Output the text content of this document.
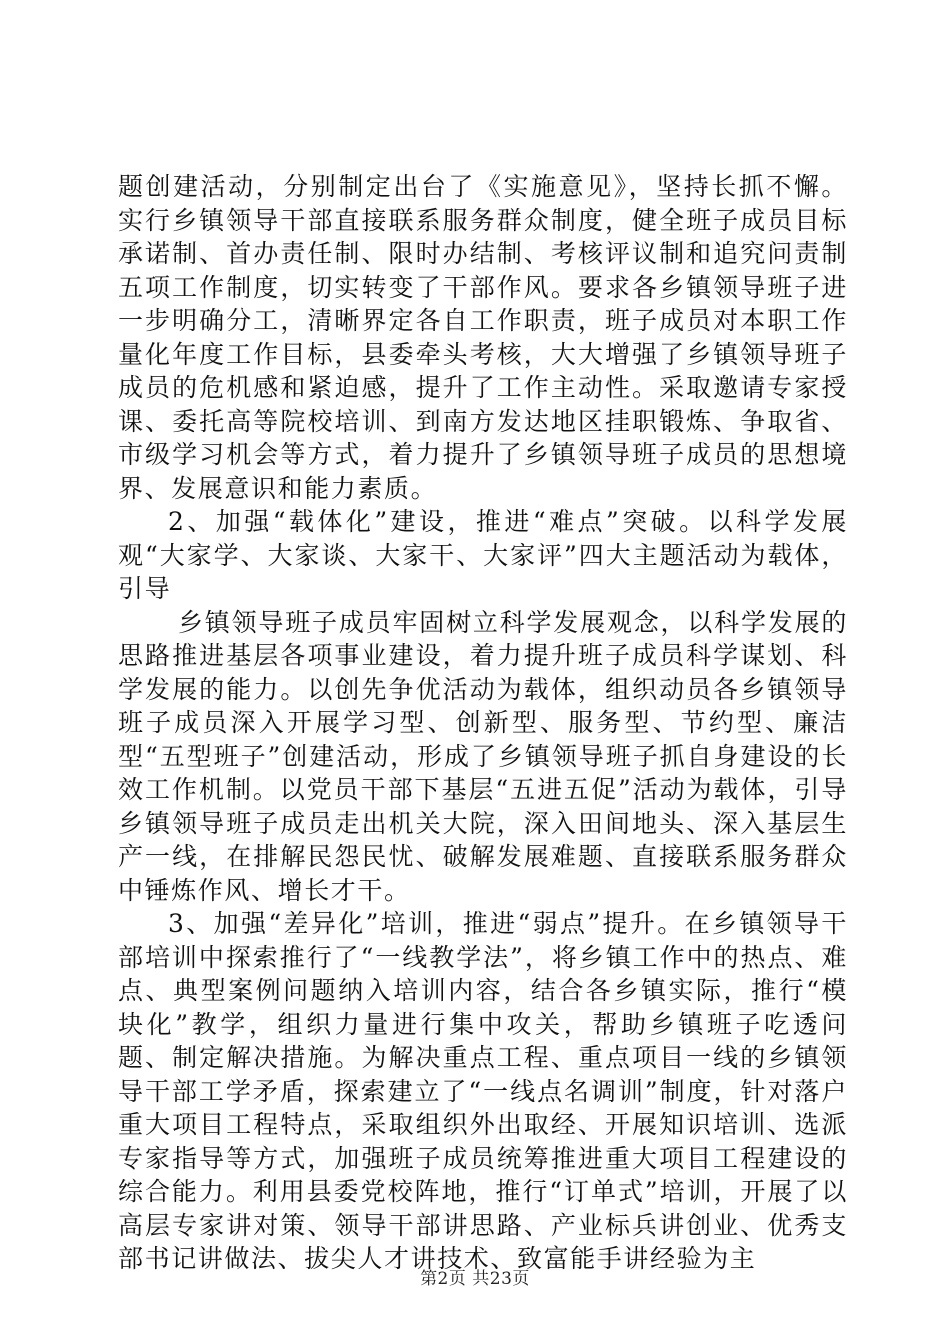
题创建活动，分别制定出台了《实施意见》，坚持长抓不懈。实行乡镇领导干部直接联系服务群众制度，健全班子成员目标承诺制、首办责任制、限时办结制、考核评议制和追究问责制五项工作制度，切实转变了干部作风。要求各乡镇领导班子进一步明确分工，清晰界定各自工作职责，班子成员对本职工作量化年度工作目标，县委牵头考核，大大增强了乡镇领导班子成员的危机感和紧迫感，提升了工作主动性。采取邀请专家授课、委托高等院校培训、到南方发达地区挂职锻炼、争取省、市级学习机会等方式，着力提升了乡镇领导班子成员的思想境界、发展意识和能力素质。

2、加强“载体化”建设，推进“难点”突破。以科学发展观“大家学、大家谈、大家干、大家评”四大主题活动为载体，引导

乡镇领导班子成员牢固树立科学发展观念，以科学发展的思路推进基层各项事业建设，着力提升班子成员科学谋划、科学发展的能力。以创先争优活动为载体，组织动员各乡镇领导班子成员深入开展学习型、创新型、服务型、节约型、廉洁型“五型班子”创建活动，形成了乡镇领导班子抓自身建设的长效工作机制。以党员干部下基层“五进五促”活动为载体，引导乡镇领导班子成员走出机关大院，深入田间地头、深入基层生产一线，在排解民怨民忧、破解发展难题、直接联系服务群众中锤炼作风、增长才干。

3、加强“差异化”培训，推进“弱点”提升。在乡镇领导干部培训中探索推行了“一线教学法”，将乡镇工作中的热点、难点、典型案例问题纳入培训内容，结合各乡镇实际，推行“模块化”教学，组织力量进行集中攻关，帮助乡镇班子吃透问题、制定解决措施。为解决重点工程、重点项目一线的乡镇领导干部工学矛盾，探索建立了“一线点名调训”制度，针对落户重大项目工程特点，采取组织外出取经、开展知识培训、选派专家指导等方式，加强班子成员统筹推进重大项目工程建设的综合能力。利用县委党校阵地，推行“订单式”培训，开展了以高层专家讲对策、领导干部讲思路、产业标兵讲创业、优秀支部书记讲做法、拔尖人才讲技术、致富能手讲经验为主

第2页 共23页
